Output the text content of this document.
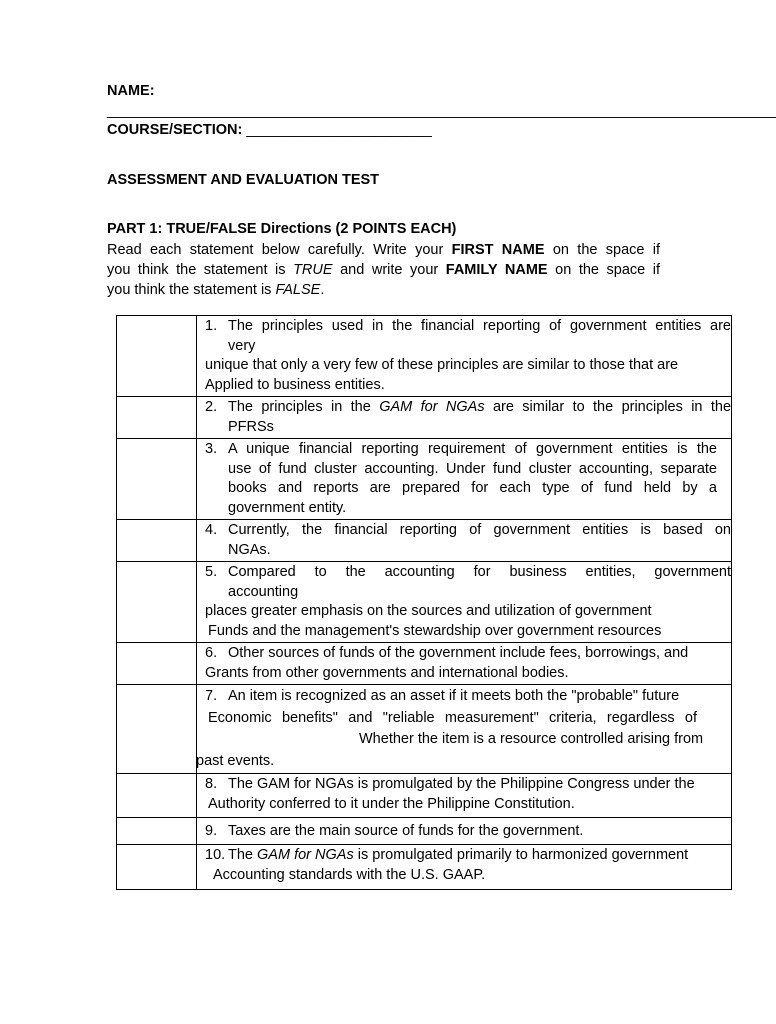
NAME:
___________________________________________________________________________________
COURSE/SECTION: _______________________
ASSESSMENT AND EVALUATION TEST
PART 1: TRUE/FALSE Directions (2 POINTS EACH)
Read each statement below carefully. Write your FIRST NAME on the space if
you think the statement is TRUE and write your FAMILY NAME on the space if
you think the statement is FALSE.

	1. The principles used in the financial reporting of government entities are
very
unique that only a very few of these principles are similar to those that are
Applied to business entities.

	2. The principles in the GAM for NGAs are similar to the principles in the
PFRSs

	3. A unique financial reporting requirement of government entities is the
use of fund cluster accounting. Under fund cluster accounting, separate
books and reports are prepared for each type of fund held by a
government entity.

	4. Currently, the financial reporting of government entities is based on
NGAs.

	5. Compared to the accounting for business entities, government
accounting
places greater emphasis on the sources and utilization of government
Funds and the management's stewardship over government resources

	6. Other sources of funds of the government include fees, borrowings, and
Grants from other governments and international bodies.

	7. An item is recognized as an asset if it meets both the "probable" future
Economic benefits" and "reliable measurement" criteria, regardless of
Whether the item is a resource controlled arising from
past events.

	8. The GAM for NGAs is promulgated by the Philippine Congress under the
Authority conferred to it under the Philippine Constitution.

	9. Taxes are the main source of funds for the government.

	10. The GAM for NGAs is promulgated primarily to harmonized government
Accounting standards with the U.S. GAAP.
